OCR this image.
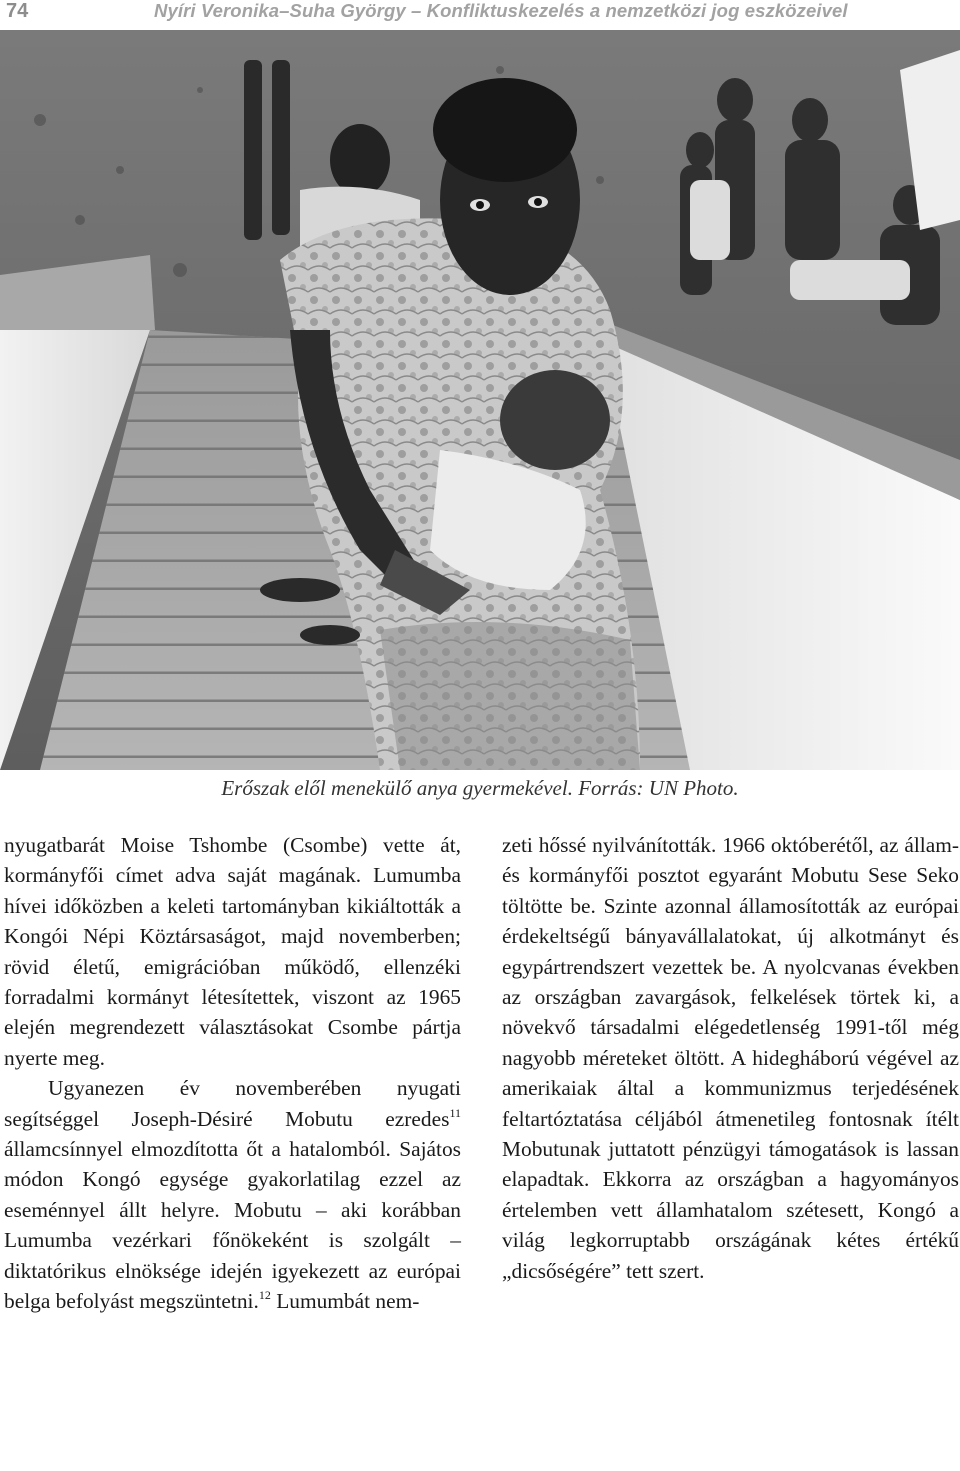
74	Nyíri Veronika–Suha György – Konfliktuskezelés a nemzetközi jog eszközeivel
Erőszak elől menekülő anya gyermekével. Forrás: UN Photo.

nyugatbarát Moise Tshombe (Csombe) vette át, kormányfői címet adva saját magának. Lumumba hívei időközben a keleti tartományban kikiáltották a Kongói Népi Köztársaságot, majd novemberben; rövid életű, emigrációban működő, ellenzéki forradalmi kormányt létesítettek, viszont az 1965 elején megrendezett választásokat Csombe pártja nyerte meg.

Ugyanezen év novemberében nyugati segítséggel Joseph-Désiré Mobutu ezredes$^{11}$ államcsínnyel elmozdította őt a hatalomból. Sajátos módon Kongó egysége gyakorlatilag ezzel az eseménnyel állt helyre. Mobutu – aki korábban Lumumba vezérkari főnökeként is szolgált – diktatórikus elnöksége idején igyekezett az európai belga befolyást megszüntetni.$^{12}$ Lumumbát nem-

zeti hőssé nyilvánították. 1966 októberétől, az állam- és kormányfői posztot egyaránt Mobutu Sese Seko töltötte be. Szinte azonnal államosították az európai érdekeltségű bányavállalatokat, új alkotmányt és egypártrendszert vezettek be. A nyolcvanas években az országban zavargások, felkelések törtek ki, a növekvő társadalmi elégedetlenség 1991-től még nagyobb méreteket öltött. A hidegháború végével az amerikaiak által a kommunizmus terjedésének feltartóztatása céljából átmenetileg fontosnak ítélt Mobutunak juttatott pénzügyi támogatások is lassan elapadtak. Ekkorra az országban a hagyományos értelemben vett államhatalom szétesett, Kongó a világ legkorruptabb országának kétes értékű „dicsőségére” tett szert.
